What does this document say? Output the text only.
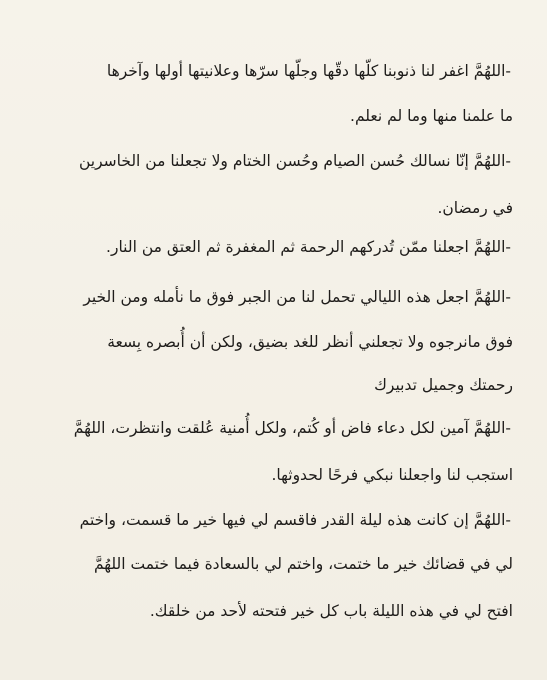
-اللهُمَّ اغفر لنا ذنوبنا كلّها دقّها وجلّها سرّها وعلانيتها أولها وآخرها

ما علمنا منها وما لم نعلم.

-اللهُمَّ إنّا نسالك حُسن الصيام وحُسن الختام ولا تجعلنا من الخاسرين

في رمضان.

-اللهُمَّ اجعلنا ممّن تُدركهم الرحمة ثم المغفرة ثم العتق من النار.

-اللهُمَّ اجعل هذه الليالي تحمل لنا من الجبر فوق ما نأمله ومن الخير

فوق مانرجوه ولا تجعلني أنظر للغد بضيق، ولكن أن أُبصره بِسعة

رحمتك وجميل تدبيرك

-اللهُمَّ آمين لكل دعاء فاض أو كُتم، ولكل أُمنية عُلقت وانتظرت، اللهُمَّ

استجب لنا واجعلنا نبكي فرحًا لحدوثها.

-اللهُمَّ إن كانت هذه ليلة القدر فاقسم لي فيها خير ما قسمت، واختم

لي في قضائك خير ما ختمت، واختم لي بالسعادة فيما ختمت اللهُمَّ

افتح لي في هذه الليلة باب كل خير فتحته لأحد من خلقك.
